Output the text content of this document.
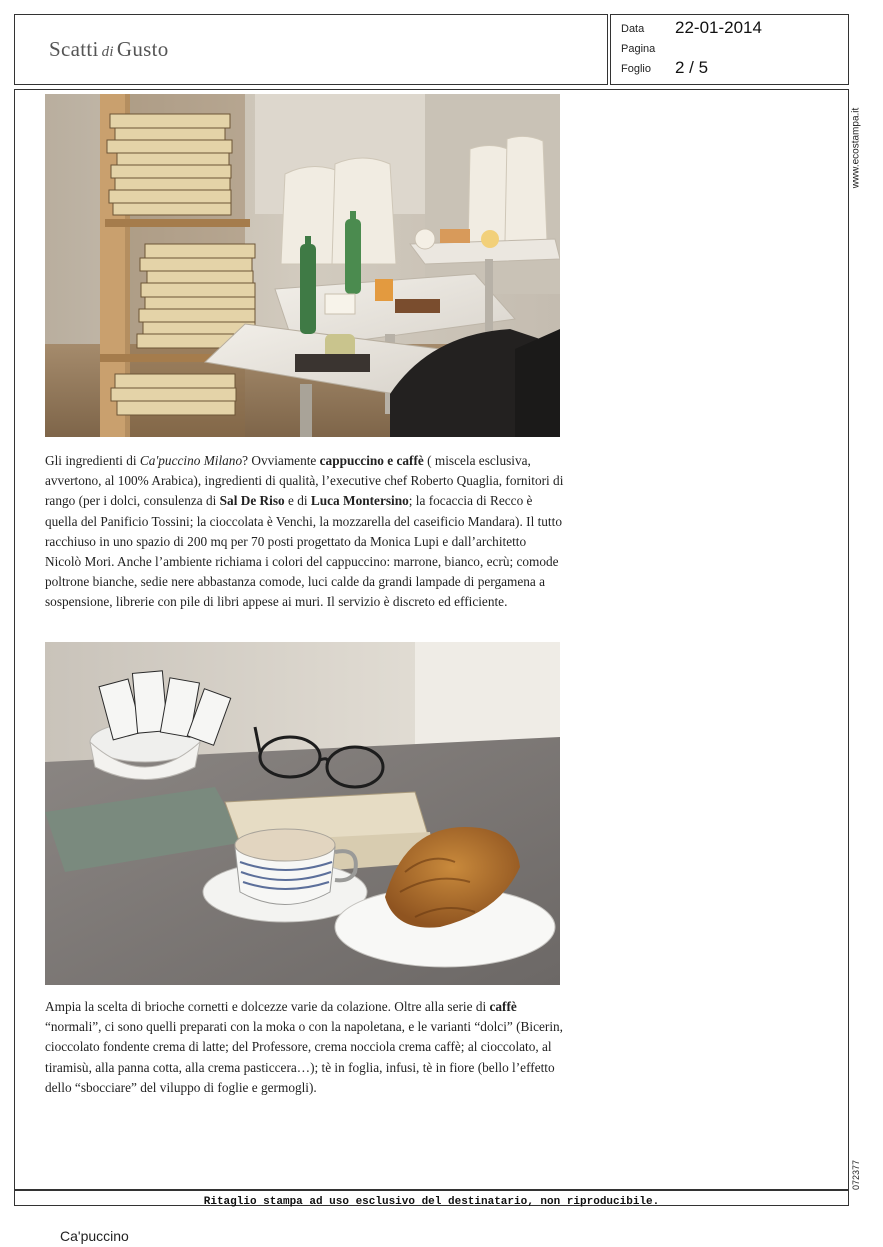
Scatti di Gusto
Data 22-01-2014
Pagina
Foglio 2 / 5
www.ecostampa.it
072377
Gli ingredienti di Ca'puccino Milano? Ovviamente cappuccino e caffè ( miscela esclusiva, avvertono, al 100% Arabica), ingredienti di qualità, l’executive chef Roberto Quaglia, fornitori di rango (per i dolci, consulenza di Sal De Riso e di Luca Montersino; la focaccia di Recco è quella del Panificio Tossini; la cioccolata è Venchi, la mozzarella del caseificio Mandara). Il tutto racchiuso in uno spazio di 200 mq per 70 posti progettato da Monica Lupi e dall’architetto Nicolò Mori. Anche l’ambiente richiama i colori del cappuccino: marrone, bianco, ecrù; comode poltrone bianche, sedie nere abbastanza comode, luci calde da grandi lampade di pergamena a sospensione, librerie con pile di libri appese ai muri. Il servizio è discreto ed efficiente.
Ampia la scelta di brioche cornetti e dolcezze varie da colazione. Oltre alla serie di caffè “normali”, ci sono quelli preparati con la moka o con la napoletana, e le varianti “dolci” (Bicerin, cioccolato fondente crema di latte; del Professore, crema nocciola crema caffè; al cioccolato, al tiramisù, alla panna cotta, alla crema pasticcera…); tè in foglia, infusi, tè in fiore (bello l’effetto dello “sbocciare” del viluppo di foglie e germogli).
Ritaglio stampa ad uso esclusivo del destinatario, non riproducibile.
Ca'puccino
